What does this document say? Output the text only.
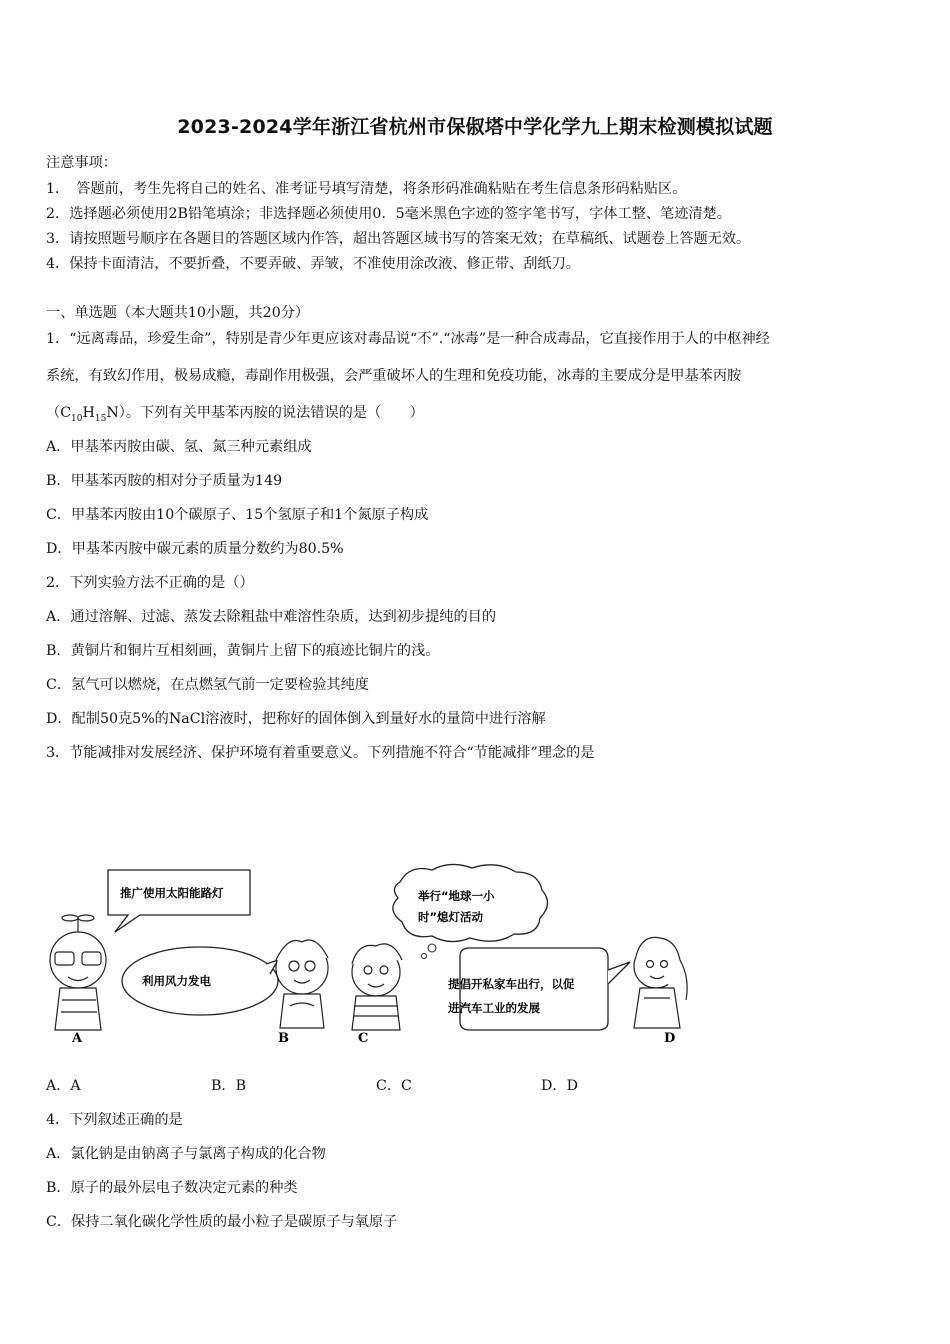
2023-2024学年浙江省杭州市保俶塔中学化学九上期末检测模拟试题
注意事项：
1．　答题前，考生先将自己的姓名、准考证号填写清楚，将条形码准确粘贴在考生信息条形码粘贴区。
2．选择题必须使用2B铅笔填涂；非选择题必须使用0．5毫米黑色字迹的签字笔书写，字体工整、笔迹清楚。
3．请按照题号顺序在各题目的答题区域内作答，超出答题区域书写的答案无效；在草稿纸、试题卷上答题无效。
4．保持卡面清洁，不要折叠，不要弄破、弄皱，不准使用涂改液、修正带、刮纸刀。
一、单选题（本大题共10小题，共20分）
1．“远离毒品，珍爱生命”，特别是青少年更应该对毒品说“不”.“冰毒”是一种合成毒品，它直接作用于人的中枢神经
系统，有致幻作用，极易成瘾，毒副作用极强，会严重破坏人的生理和免疫功能，冰毒的主要成分是甲基苯丙胺
$(C_{10}H_{15}N)$。下列有关甲基苯丙胺的说法错误的是（　　）
A．甲基苯丙胺由碳、氢、氮三种元素组成
B．甲基苯丙胺的相对分子质量为149
C．甲基苯丙胺由10个碳原子、15个氢原子和1个氮原子构成
D．甲基苯丙胺中碳元素的质量分数约为80.5%
2．下列实验方法不正确的是（）
A．通过溶解、过滤、蒸发去除粗盐中难溶性杂质，达到初步提纯的目的
B．黄铜片和铜片互相刻画，黄铜片上留下的痕迹比铜片的浅。
C．氢气可以燃烧，在点燃氢气前一定要检验其纯度
D．配制50克5%的NaCl溶液时，把称好的固体倒入到量好水的量筒中进行溶解
3．节能减排对发展经济、保护环境有着重要意义。下列措施不符合“节能减排”理念的是
推广使用太阳能路灯
A
利用风力发电
B
举行“地球一小
时”熄灯活动
C
提倡开私家车出行，以促
进汽车工业的发展
D
A．A	B．B	C．C	D．D
4．下列叙述正确的是
A．氯化钠是由钠离子与氯离子构成的化合物
B．原子的最外层电子数决定元素的种类
C．保持二氧化碳化学性质的最小粒子是碳原子与氧原子
